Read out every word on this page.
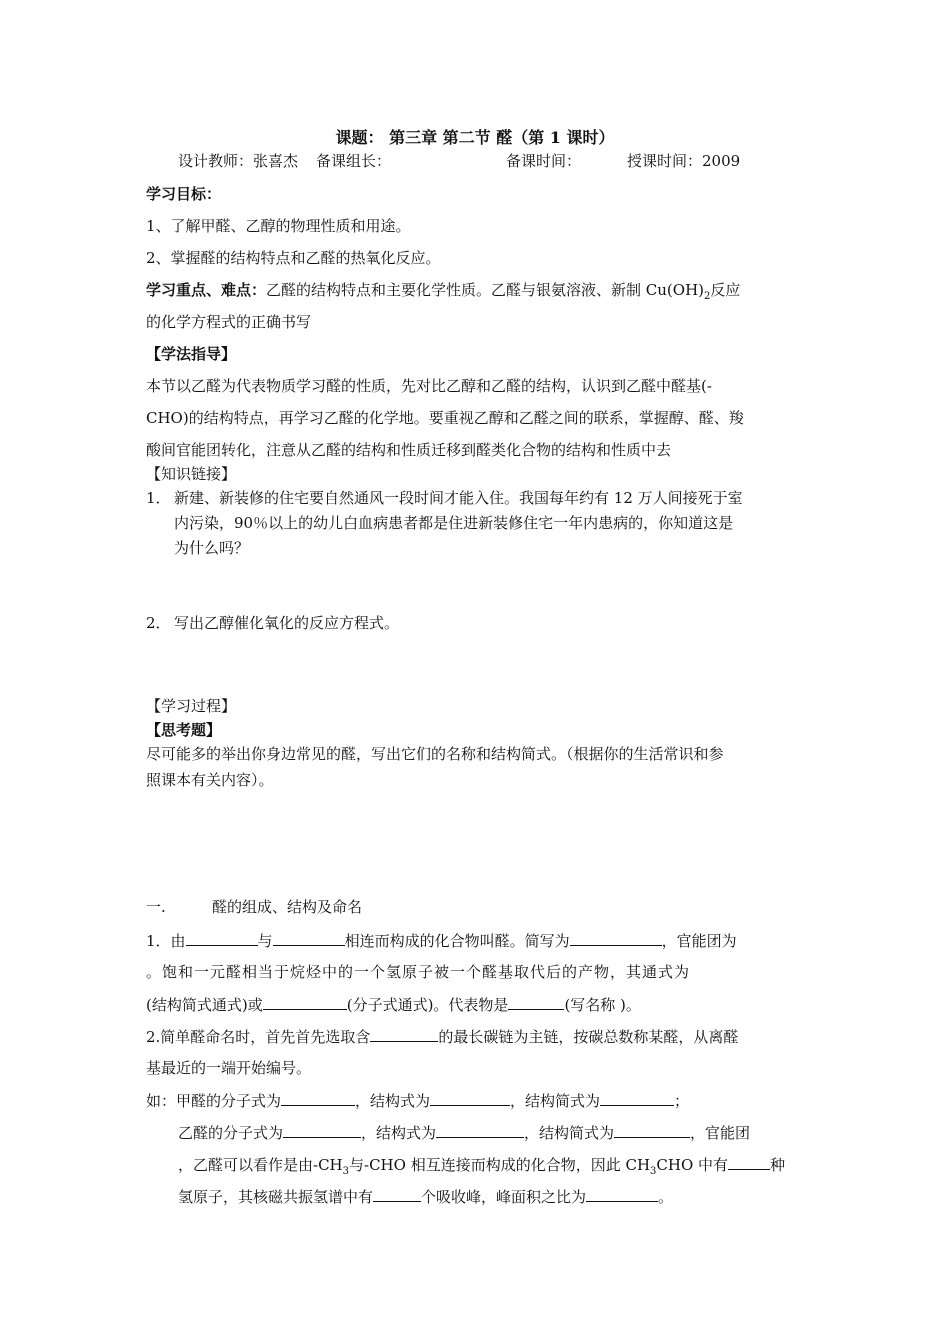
课题： 第三章 第二节 醛（第 1 课时）
设计教师：张喜杰 备课组长：	备课时间：	授课时间：2009
学习目标：
1、了解甲醛、乙醇的物理性质和用途。
2、掌握醛的结构特点和乙醛的热氧化反应。
学习重点、难点：乙醛的结构特点和主要化学性质。乙醛与银氨溶液、新制 $Cu(OH)_2$反应
的化学方程式的正确书写
【学法指导】
本节以乙醛为代表物质学习醛的性质，先对比乙醇和乙醛的结构，认识到乙醛中醛基(-
CHO)的结构特点，再学习乙醛的化学地。要重视乙醇和乙醛之间的联系，掌握醇、醛、羧
酸间官能团转化，注意从乙醛的结构和性质迁移到醛类化合物的结构和性质中去
【知识链接】
1． 新建、新装修的住宅要自然通风一段时间才能入住。我国每年约有 12 万人间接死于室
内污染，90％以上的幼儿白血病患者都是住进新装修住宅一年内患病的，你知道这是
为什么吗？
2． 写出乙醇催化氧化的反应方程式。
【学习过程】
【思考题】
尽可能多的举出你身边常见的醛，写出它们的名称和结构简式。（根据你的生活常识和参
照课本有关内容）。
一.	醛的组成、结构及命名
1．由	与	相连而构成的化合物叫醛。简写为	，官能团为
。饱和一元醛相当于烷烃中的一个氢原子被一个醛基取代后的产物，其通式为
(结构简式通式)或	(分子式通式)。代表物是	(写名称 )。
2.简单醛命名时，首先首先选取含	的最长碳链为主链，按碳总数称某醛，从离醛
基最近的一端开始编号。
如：甲醛的分子式为	，结构式为	，结构简式为	；
乙醛的分子式为	，结构式为	，结构简式为	，官能团
，乙醛可以看作是由$-CH_3$与-CHO 相互连接而构成的化合物，因此 $CH_3CHO$ 中有	种
氢原子，其核磁共振氢谱中有	个吸收峰，峰面积之比为	。
